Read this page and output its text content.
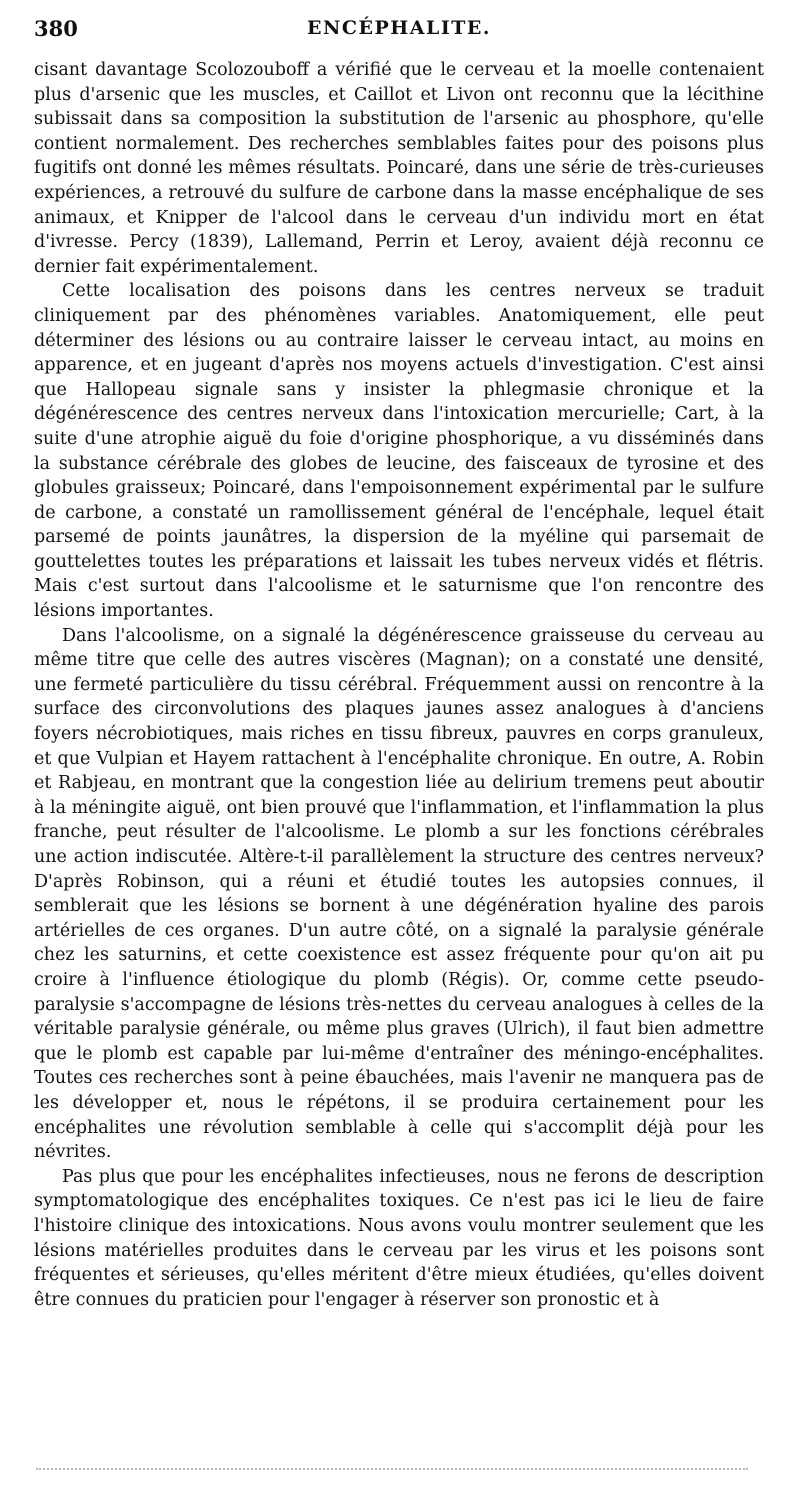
380	ENCÉPHALITE.

cisant davantage Scolozouboff a vérifié que le cerveau et la moelle contenaient plus d'arsenic que les muscles, et Caillot et Livon ont reconnu que la lécithine subissait dans sa composition la substitution de l'arsenic au phosphore, qu'elle contient normalement. Des recherches semblables faites pour des poisons plus fugitifs ont donné les mêmes résultats. Poincaré, dans une série de très-curieuses expériences, a retrouvé du sulfure de carbone dans la masse encéphalique de ses animaux, et Knipper de l'alcool dans le cerveau d'un individu mort en état d'ivresse. Percy (1839), Lallemand, Perrin et Leroy, avaient déjà reconnu ce dernier fait expérimentalement.

Cette localisation des poisons dans les centres nerveux se traduit cliniquement par des phénomènes variables. Anatomiquement, elle peut déterminer des lésions ou au contraire laisser le cerveau intact, au moins en apparence, et en jugeant d'après nos moyens actuels d'investigation. C'est ainsi que Hallopeau signale sans y insister la phlegmasie chronique et la dégénérescence des centres nerveux dans l'intoxication mercurielle; Cart, à la suite d'une atrophie aiguë du foie d'origine phosphorique, a vu disséminés dans la substance cérébrale des globes de leucine, des faisceaux de tyrosine et des globules graisseux; Poincaré, dans l'empoisonnement expérimental par le sulfure de carbone, a constaté un ramollissement général de l'encéphale, lequel était parsemé de points jaunâtres, la dispersion de la myéline qui parsemait de gouttelettes toutes les préparations et laissait les tubes nerveux vidés et flétris. Mais c'est surtout dans l'alcoolisme et le saturnisme que l'on rencontre des lésions importantes.

Dans l'alcoolisme, on a signalé la dégénérescence graisseuse du cerveau au même titre que celle des autres viscères (Magnan); on a constaté une densité, une fermeté particulière du tissu cérébral. Fréquemment aussi on rencontre à la surface des circonvolutions des plaques jaunes assez analogues à d'anciens foyers nécrobiotiques, mais riches en tissu fibreux, pauvres en corps granuleux, et que Vulpian et Hayem rattachent à l'encéphalite chronique. En outre, A. Robin et Rabjeau, en montrant que la congestion liée au delirium tremens peut aboutir à la méningite aiguë, ont bien prouvé que l'inflammation, et l'inflammation la plus franche, peut résulter de l'alcoolisme. Le plomb a sur les fonctions cérébrales une action indiscutée. Altère-t-il parallèlement la structure des centres nerveux? D'après Robinson, qui a réuni et étudié toutes les autopsies connues, il semblerait que les lésions se bornent à une dégénération hyaline des parois artérielles de ces organes. D'un autre côté, on a signalé la paralysie générale chez les saturnins, et cette coexistence est assez fréquente pour qu'on ait pu croire à l'influence étiologique du plomb (Régis). Or, comme cette pseudo-paralysie s'accompagne de lésions très-nettes du cerveau analogues à celles de la véritable paralysie générale, ou même plus graves (Ulrich), il faut bien admettre que le plomb est capable par lui-même d'entraîner des méningo-encéphalites. Toutes ces recherches sont à peine ébauchées, mais l'avenir ne manquera pas de les développer et, nous le répétons, il se produira certainement pour les encéphalites une révolution semblable à celle qui s'accomplit déjà pour les névrites.

Pas plus que pour les encéphalites infectieuses, nous ne ferons de description symptomatologique des encéphalites toxiques. Ce n'est pas ici le lieu de faire l'histoire clinique des intoxications. Nous avons voulu montrer seulement que les lésions matérielles produites dans le cerveau par les virus et les poisons sont fréquentes et sérieuses, qu'elles méritent d'être mieux étudiées, qu'elles doivent être connues du praticien pour l'engager à réserver son pronostic et à
